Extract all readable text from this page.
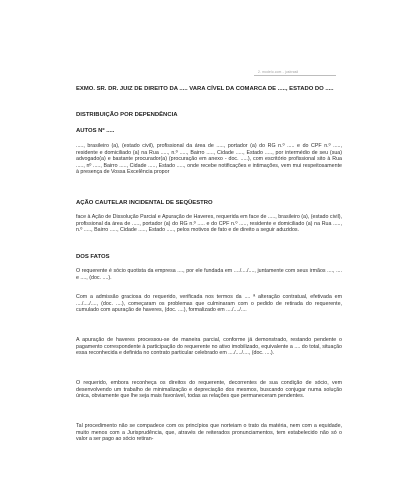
2. modelo.com - jusbrasil
EXMO. SR. DR. JUIZ DE DIREITO DA ..... VARA CÍVEL DA COMARCA DE ....., ESTADO DO .....
DISTRIBUIÇÃO POR DEPENDÊNCIA
AUTOS Nº .....
....., brasileiro (a), (estado civil), profissional da área de ....., portador (a) do RG n.º ..... e do CPF n.º ....., residente e domiciliado (a) na Rua ....., n.º ....., Bairro ....., Cidade ....., Estado ....., por intermédio de seu (sua) advogado(a) e bastante procurador(a) (procuração em anexo - doc. .....), com escritório profissional sito à Rua ....., nº ....., Bairro ....., Cidade ....., Estado ....., onde recebe notificações e intimações, vem mui respeitosamente à presença de Vossa Excelência propor
AÇÃO CAUTELAR INCIDENTAL DE SEQÜESTRO
face à Ação de Dissolução Parcial e Apuração de Haveres, requerida em face de ....., brasileiro (a), (estado civil), profissional da área de ....., portador (a) do RG n.º ..... e do CPF n.º ....., residente e domiciliado (a) na Rua ....., n.º ....., Bairro ....., Cidade ....., Estado ....., pelos motivos de fato e de direito a seguir aduzidos.
DOS FATOS
O requerente é sócio quotista da empresa ...., por ele fundada em ..../..../...., juntamente com seus irmãos ...., .... e ...., (doc. ....).
Com a admissão graciosa do requerido, verificada nos termos da .... ª alteração contratual, efetivada em ..../..../...., (doc. ....), começaram os problemas que culminaram com o pedido de retirada do requerente, cumulado com apuração de haveres, (doc. ....), formalizado em ..../..../....
A apuração de haveres processou-se de maneira parcial, conforme já demonstrado, restando pendente o pagamento correspondente à participação do requerente no ativo imobilizado, equivalente a .... do total, situação essa reconhecida e definida no contrato particular celebrado em ..../..../...., (doc. ....).
O requerido, embora reconheça os direitos do requerente, decorrentes de sua condição de sócio, vem desenvolvendo um trabalho de minimalização e depreciação dos mesmos, buscando conjugar numa solução única, obviamente que lhe seja mais favorável, todas as relações que permaneceram pendentes.
Tal procedimento não se compadece com os princípios que norteiam o trato da matéria, nem com a equidade, muito menos com a Jurisprudência, que, através de reiterados pronunciamentos, tem estabelecido não só o valor a ser pago ao sócio retiran-
